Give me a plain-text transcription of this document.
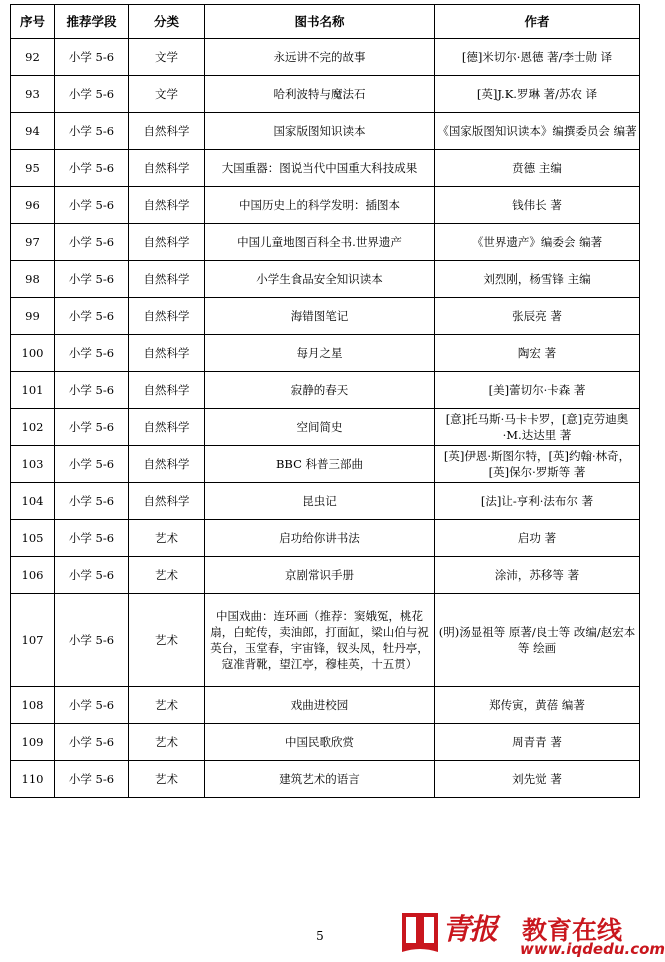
序号	推荐学段	分类	图书名称	作者
92	小学 5-6	文学	永远讲不完的故事	[德]米切尔·恩德 著/李士勋 译
93	小学 5-6	文学	哈利波特与魔法石	[英]J.K.罗琳 著/苏农 译
94	小学 5-6	自然科学	国家版图知识读本	《国家版图知识读本》编撰委员会 编著
95	小学 5-6	自然科学	大国重器：图说当代中国重大科技成果	贲德 主编
96	小学 5-6	自然科学	中国历史上的科学发明：插图本	钱伟长 著
97	小学 5-6	自然科学	中国儿童地图百科全书.世界遗产	《世界遗产》编委会 编著
98	小学 5-6	自然科学	小学生食品安全知识读本	刘烈刚，杨雪锋 主编
99	小学 5-6	自然科学	海错图笔记	张辰亮 著
100	小学 5-6	自然科学	每月之星	陶宏 著
101	小学 5-6	自然科学	寂静的春天	[美]蕾切尔·卡森 著
102	小学 5-6	自然科学	空间简史	[意]托马斯·马卡卡罗，[意]克劳迪奥·M.达达里 著
103	小学 5-6	自然科学	BBC 科普三部曲	[英]伊恩·斯图尔特，[英]约翰·林奇，[英]保尔·罗斯等 著
104	小学 5-6	自然科学	昆虫记	[法]让-亨利·法布尔 著
105	小学 5-6	艺术	启功给你讲书法	启功 著
106	小学 5-6	艺术	京剧常识手册	涂沛，苏移等 著
107	小学 5-6	艺术	中国戏曲：连环画（推荐：窦娥冤，桃花扇，白蛇传，卖油郎，打面缸，梁山伯与祝英台，玉堂春，宇宙锋，钗头凤，牡丹亭，寇准背靴，望江亭，穆桂英，十五贯）	(明)汤显祖等 原著/良士等 改编/赵宏本等 绘画
108	小学 5-6	艺术	戏曲进校园	郑传寅，黄蓓 编著
109	小学 5-6	艺术	中国民歌欣赏	周青青 著
110	小学 5-6	艺术	建筑艺术的语言	刘先觉 著
5	青报 教育在线
www.iqdedu.com
